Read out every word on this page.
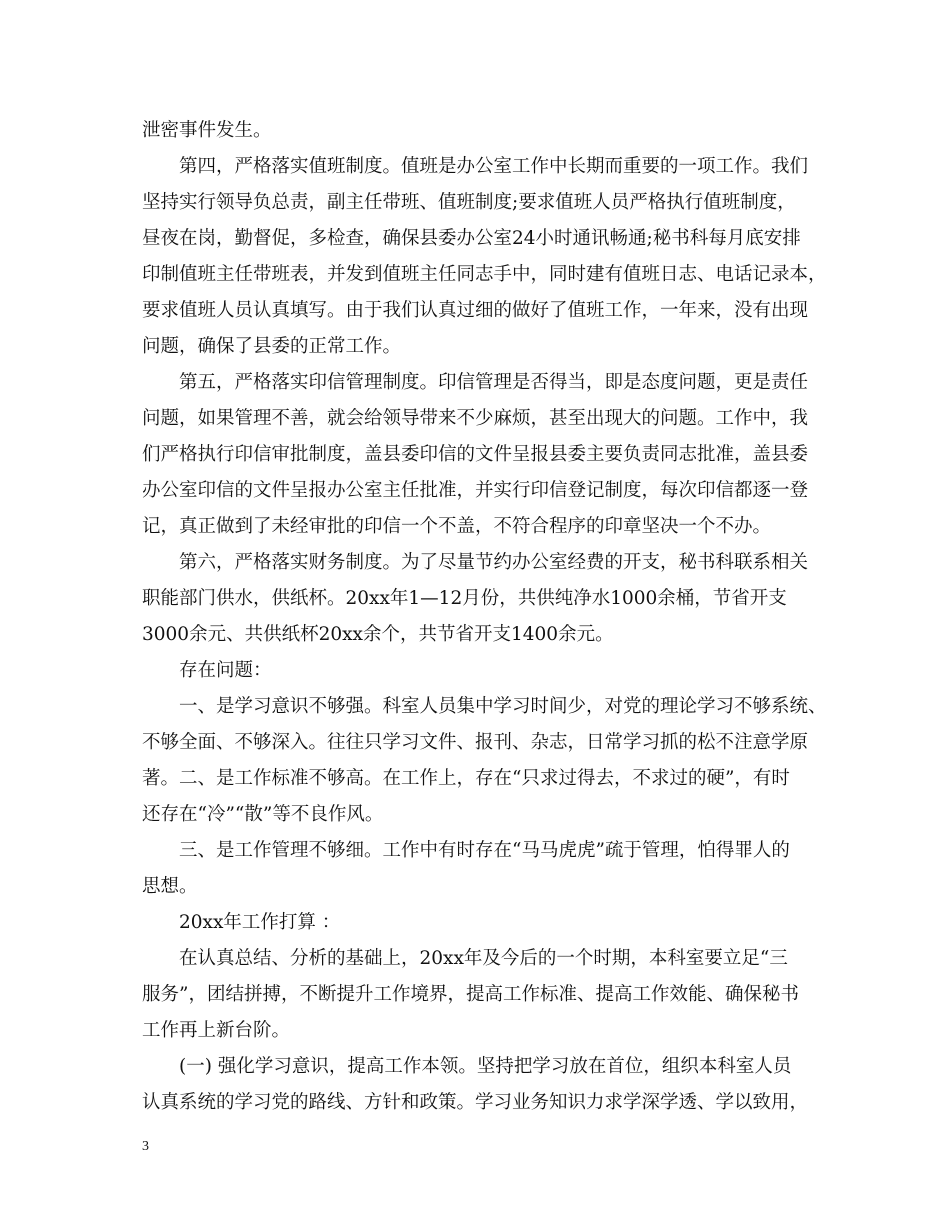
泄密事件发生。
第四，严格落实值班制度。值班是办公室工作中长期而重要的一项工作。我们
坚持实行领导负总责，副主任带班、值班制度;要求值班人员严格执行值班制度，
昼夜在岗，勤督促，多检查，确保县委办公室24小时通讯畅通;秘书科每月底安排
印制值班主任带班表，并发到值班主任同志手中，同时建有值班日志、电话记录本，
要求值班人员认真填写。由于我们认真过细的做好了值班工作，一年来，没有出现
问题，确保了县委的正常工作。
第五，严格落实印信管理制度。印信管理是否得当，即是态度问题，更是责任
问题，如果管理不善，就会给领导带来不少麻烦，甚至出现大的问题。工作中，我
们严格执行印信审批制度，盖县委印信的文件呈报县委主要负责同志批准，盖县委
办公室印信的文件呈报办公室主任批准，并实行印信登记制度，每次印信都逐一登
记，真正做到了未经审批的印信一个不盖，不符合程序的印章坚决一个不办。
第六，严格落实财务制度。为了尽量节约办公室经费的开支，秘书科联系相关
职能部门供水，供纸杯。20xx年1—12月份，共供纯净水1000余桶，节省开支
3000余元、共供纸杯20xx余个，共节省开支1400余元。
存在问题：
一、是学习意识不够强。科室人员集中学习时间少，对党的理论学习不够系统、
不够全面、不够深入。往往只学习文件、报刊、杂志，日常学习抓的松不注意学原
著。二、是工作标准不够高。在工作上，存在“只求过得去，不求过的硬”，有时
还存在“冷”“散”等不良作风。
三、是工作管理不够细。工作中有时存在“马马虎虎”疏于管理，怕得罪人的
思想。
20xx年工作打算 ：
在认真总结、分析的基础上，20xx年及今后的一个时期，本科室要立足“三
服务”，团结拼搏，不断提升工作境界，提高工作标准、提高工作效能、确保秘书
工作再上新台阶。
(一) 强化学习意识，提高工作本领。坚持把学习放在首位，组织本科室人员
认真系统的学习党的路线、方针和政策。学习业务知识力求学深学透、学以致用，
3
